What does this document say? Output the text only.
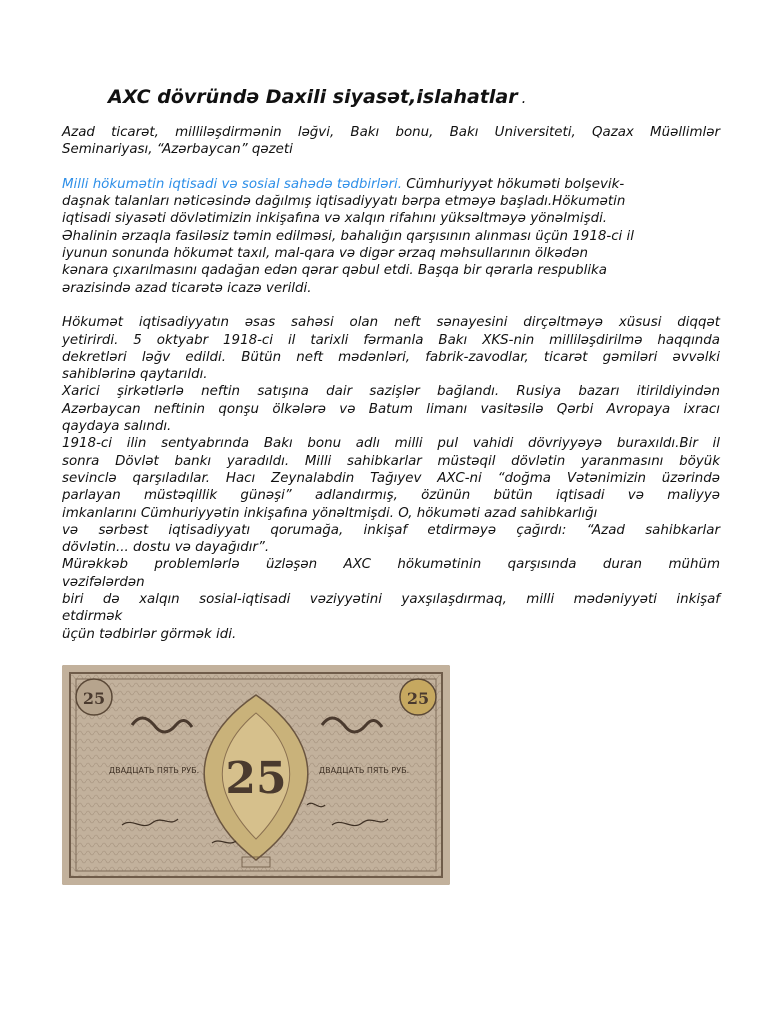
AXC dövründə Daxili siyasət,islahatlar .

Azad ticarət, milliləşdirmənin ləğvi, Bakı bonu, Bakı Universiteti, Qazax Müəllimlər

Seminariyası, “Azərbaycan” qəzeti

Milli hökumətin iqtisadi və sosial sahədə tədbirləri. Cümhuriyyət hökuməti bolşevik-

daşnak talanları nəticəsində dağılmış iqtisadiyyatı bərpa etməyə başladı.Hökumətin

iqtisadi siyasəti dövlətimizin inkişafına və xalqın rifahını yüksəltməyə yönəlmişdi.

Əhalinin ərzaqla fasiləsiz təmin edilməsi, bahalığın qarşısının alınması üçün 1918-ci il

iyunun sonunda hökumət taxıl, mal-qara və digər ərzaq məhsullarının ölkədən

kənara çıxarılmasını qadağan edən qərar qəbul etdi. Başqa bir qərarla respublika

ərazisində azad ticarətə icazə verildi.

Hökumət iqtisadiyyatın əsas sahəsi olan neft sənayesini dirçəltməyə xüsusi diqqət

yetirirdi. 5 oktyabr 1918-ci il tarixli fərmanla Bakı XKS-nin milliləşdirilmə haqqında

dekretləri ləğv edildi. Bütün neft mədənləri, fabrik-zavodlar, ticarət gəmiləri əvvəlki

sahiblərinə qaytarıldı.

Xarici şirkətlərlə neftin satışına dair sazişlər bağlandı. Rusiya bazarı itirildiyindən

Azərbaycan neftinin qonşu ölkələrə və Batum limanı vasitəsilə Qərbi Avropaya ixracı

qaydaya salındı.

1918-ci ilin sentyabrında Bakı bonu adlı milli pul vahidi dövriyyəyə buraxıldı.Bir il

sonra Dövlət bankı yaradıldı. Milli sahibkarlar müstəqil dövlətin yaranmasını böyük

sevinclə qarşıladılar. Hacı Zeynalabdin Tağıyev AXC-ni “doğma Vətənimizin üzərində

parlayan müstəqillik günəşi” adlandırmış, özünün bütün iqtisadi və maliyyə

imkanlarını Cümhuriyyətin inkişafına yönəltmişdi. O, hökuməti azad sahibkarlığı

və sərbəst iqtisadiyyatı qorumağa, inkişaf etdirməyə çağırdı: “Azad sahibkarlar

dövlətin... dostu və dayağıdır”.

Mürəkkəb problemlərlə üzləşən AXC hökumətinin qarşısında duran mühüm

vəzifələrdən

biri də xalqın sosial-iqtisadi vəziyyətini yaxşılaşdırmaq, milli mədəniyyəti inkişaf

etdirmək

üçün tədbirlər görmək idi.

25	25
25
ДВАДЦАТЬ ПЯТЬ РУБ.	ДВАДЦАТЬ ПЯТЬ РУБ.
